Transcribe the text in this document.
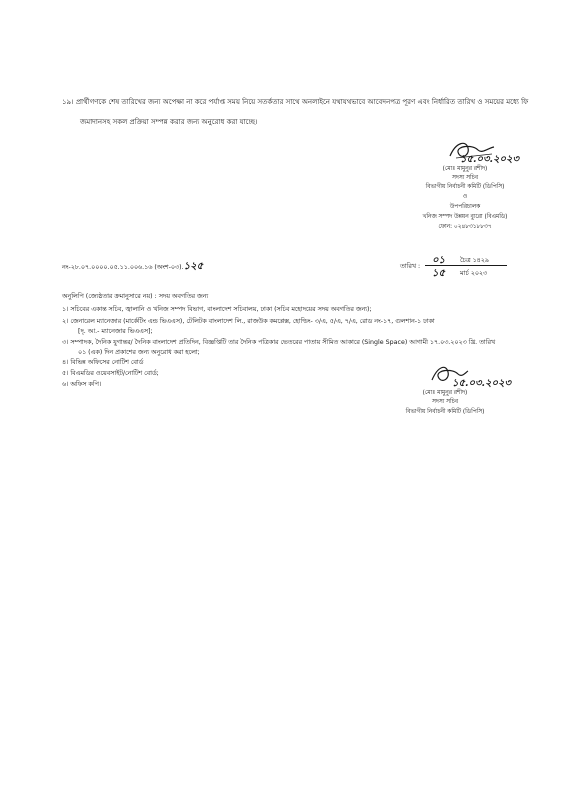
১৯। প্রার্থীগণকে শেষ তারিখের জন্য অপেক্ষা না করে পর্যাপ্ত সময় নিয়ে সতর্কতার সাথে অনলাইনে যথাযথভাবে আবেদনপত্র পূরণ এবং নির্ধারিত তারিখ ও সময়ের মধ্যে ফি
জমাদানসহ সকল প্রক্রিয়া সম্পন্ন করার জন্য অনুরোধ করা যাচ্ছে।
১৫.০৩.২০২৩
(মোঃ মামুনুর রশীদ)
সদস্য সচিব
বিভাগীয় নির্বাচনী কমিটি (ডিপিসি)
ও
উপপরিচালক
খনিজ সম্পদ উন্নয়ন ব্যুরো (বিএমডি)
ফোন: ০২৪৮৩১৮৮৩৭
নং-২৮.০৭.০০০০.০৫.১১.০০৬.১৬ (অংশ-০৩).১২৫	তারিখ :
০১ চৈত্র ১৪২৯
১৫ মার্চ ২০২৩
অনুলিপি (জ্যেষ্ঠতার ক্রমানুসারে নয়) : সদয় অবগতির জন্য
১। সচিবের একান্ত সচিব, জ্বালানি ও খনিজ সম্পদ বিভাগ, বাংলাদেশ সচিবালয়, ঢাকা (সচিব মহোদয়ের সদয় অবগতির জন্য);
২। জেনারেল ম্যানেজার (মার্কেটিং এন্ড ভিএএস), টেলিটক বাংলাদেশ লি., রাজউক কমপ্লেক্স, হোল্ডিং- ৩/এ, ৫/এ, ৭/এ, রোড নং-১৭, গুলশান-১ ঢাকা
[দৃ. আ.- ম্যানেজার ভিএএস];
৩। সম্পাদক, দৈনিক যুগান্তর/ দৈনিক বাংলাদেশ প্রতিদিন, বিজ্ঞপ্তিটি তার দৈনিক পত্রিকার ভেতরের পাতায় সীমিত আকারে (Single Space) আগামী ১৭.০৩.২০২৩ খ্রি. তারিখ
০১ (এক) দিন প্রকাশের জন্য অনুরোধ করা হলো;
৪। বিভিন্ন অফিসের নোটিশ বোর্ড
৫। বিএমডির ওয়েবসাইট/নোটিশ বোর্ড;
৬। অফিস কপি।	১৫.০৩.২০২৩
(মোঃ মামুনুর রশীদ)
সদস্য সচিব
বিভাগীয় নির্বাচনী কমিটি (ডিপিসি)
